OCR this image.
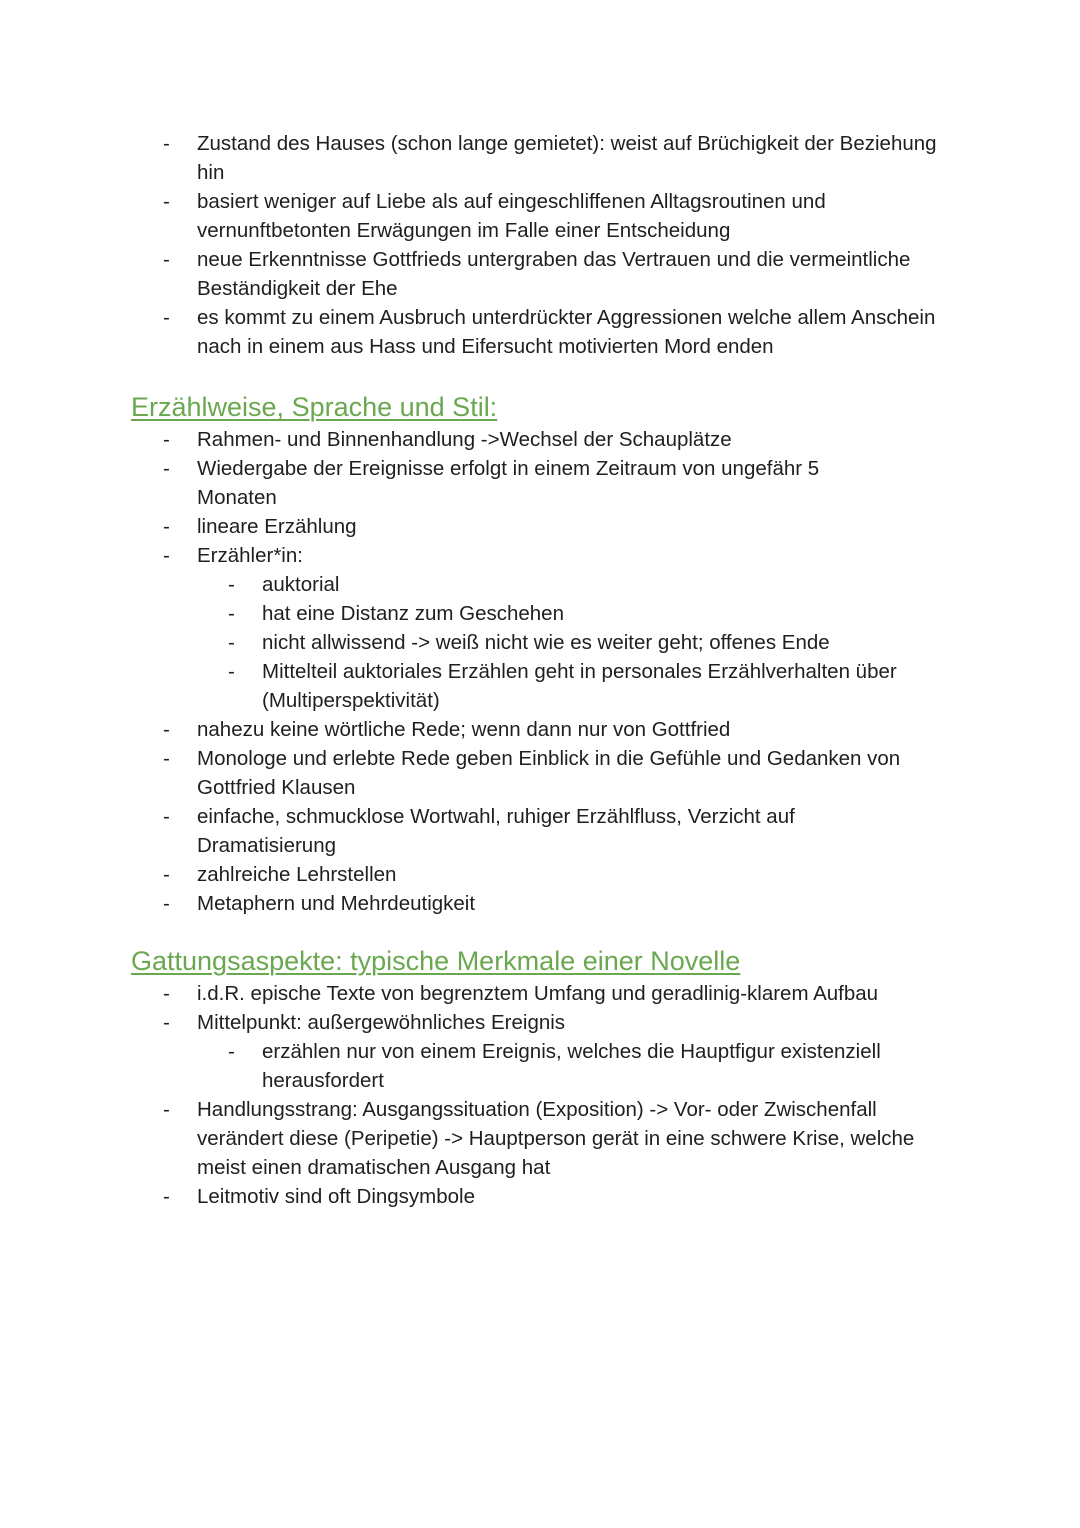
- Zustand des Hauses (schon lange gemietet): weist auf Brüchigkeit der Beziehung hin
- basiert weniger auf Liebe als auf eingeschliffenen Alltagsroutinen und vernunftbetonten Erwägungen im Falle einer Entscheidung
- neue Erkenntnisse Gottfrieds untergraben das Vertrauen und die vermeintliche Beständigkeit der Ehe
- es kommt zu einem Ausbruch unterdrückter Aggressionen welche allem Anschein nach in einem aus Hass und Eifersucht motivierten Mord enden
Erzählweise, Sprache und Stil:
- Rahmen- und Binnenhandlung ->Wechsel der Schauplätze
- Wiedergabe der Ereignisse erfolgt in einem Zeitraum von ungefähr 5 Monaten
- lineare Erzählung
- Erzähler*in:
- auktorial
- hat eine Distanz zum Geschehen
- nicht allwissend -> weiß nicht wie es weiter geht; offenes Ende
- Mittelteil auktoriales Erzählen geht in personales Erzählverhalten über (Multiperspektivität)
- nahezu keine wörtliche Rede; wenn dann nur von Gottfried
- Monologe und erlebte Rede geben Einblick in die Gefühle und Gedanken von Gottfried Klausen
- einfache, schmucklose Wortwahl, ruhiger Erzählfluss, Verzicht auf Dramatisierung
- zahlreiche Lehrstellen
- Metaphern und Mehrdeutigkeit
Gattungsaspekte: typische Merkmale einer Novelle
- i.d.R. epische Texte von begrenztem Umfang und geradlinig-klarem Aufbau
- Mittelpunkt: außergewöhnliches Ereignis
- erzählen nur von einem Ereignis, welches die Hauptfigur existenziell herausfordert
- Handlungsstrang: Ausgangssituation (Exposition) -> Vor- oder Zwischenfall verändert diese (Peripetie) -> Hauptperson gerät in eine schwere Krise, welche meist einen dramatischen Ausgang hat
- Leitmotiv sind oft Dingsymbole
